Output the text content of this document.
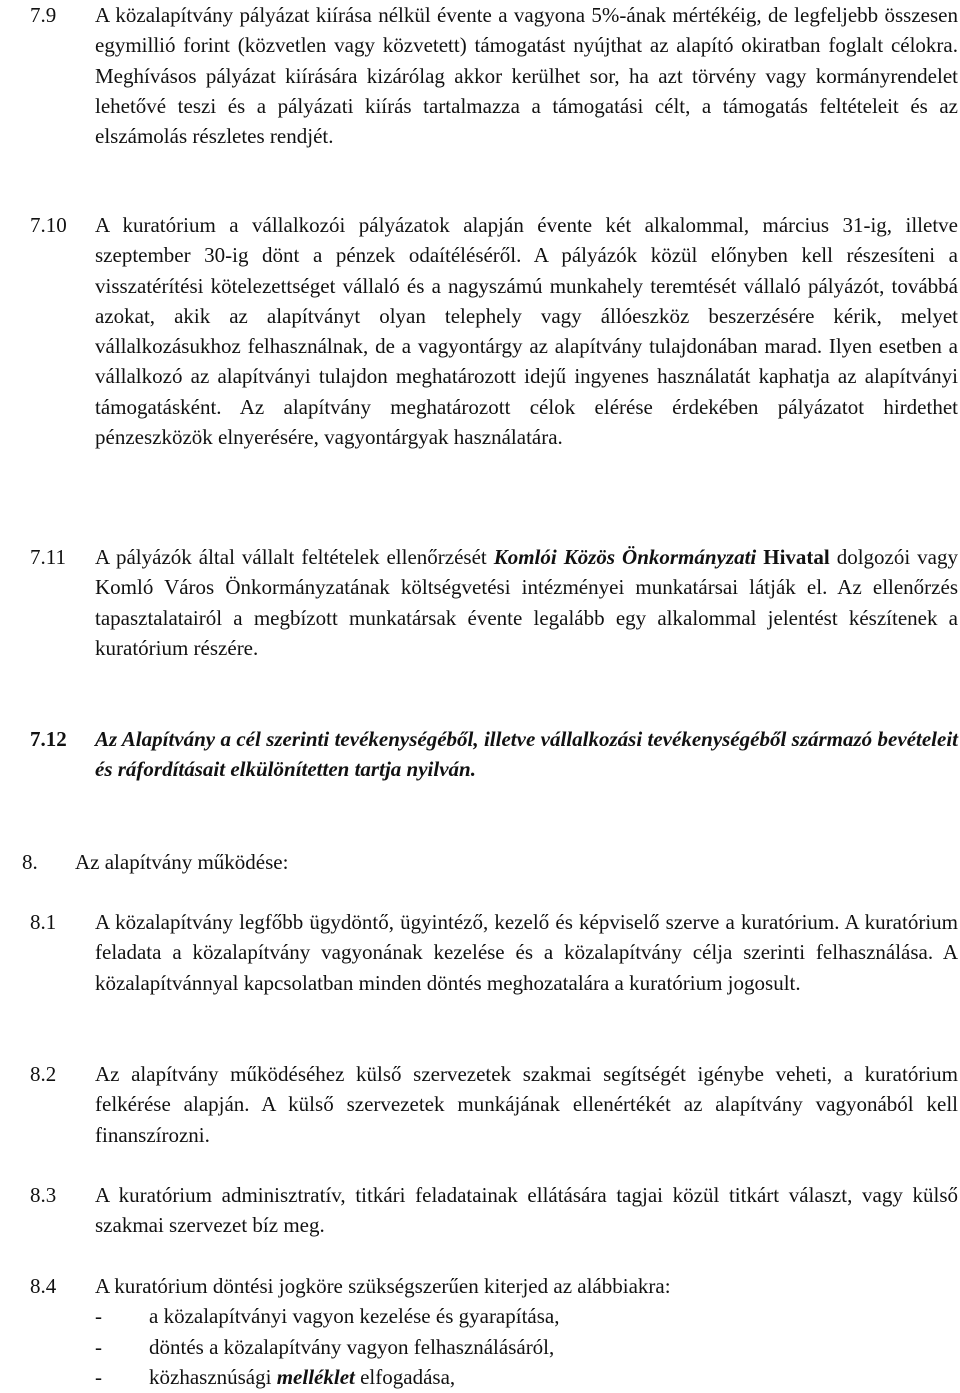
7.9	A közalapítvány pályázat kiírása nélkül évente a vagyona 5%-ának mértékéig, de legfeljebb összesen egymillió forint (közvetlen vagy közvetett) támogatást nyújthat az alapító okiratban foglalt célokra. Meghívásos pályázat kiírására kizárólag akkor kerülhet sor, ha azt törvény vagy kormányrendelet lehetővé teszi és a pályázati kiírás tartalmazza a támogatási célt, a támogatás feltételeit és az elszámolás részletes rendjét.

7.10	A kuratórium a vállalkozói pályázatok alapján évente két alkalommal, március 31-ig, illetve szeptember 30-ig dönt a pénzek odaítéléséről. A pályázók közül előnyben kell részesíteni a visszatérítési kötelezettséget vállaló és a nagyszámú munkahely teremtését vállaló pályázót, továbbá azokat, akik az alapítványt olyan telephely vagy állóeszköz beszerzésére kérik, melyet vállalkozásukhoz felhasználnak, de a vagyontárgy az alapítvány tulajdonában marad. Ilyen esetben a vállalkozó az alapítványi tulajdon meghatározott idejű ingyenes használatát kaphatja az alapítványi támogatásként. Az alapítvány meghatározott célok elérése érdekében pályázatot hirdethet pénzeszközök elnyerésére, vagyontárgyak használatára.

7.11	A pályázók által vállalt feltételek ellenőrzését Komlói Közös Önkormányzati Hivatal dolgozói vagy Komló Város Önkormányzatának költségvetési intézményei munkatársai látják el. Az ellenőrzés tapasztalatairól a megbízott munkatársak évente legalább egy alkalommal jelentést készítenek a kuratórium részére.

7.12	Az Alapítvány a cél szerinti tevékenységéből, illetve vállalkozási tevékenységéből származó bevételeit és ráfordításait elkülönítetten tartja nyilván.

8. Az alapítvány működése:
8.1	A közalapítvány legfőbb ügydöntő, ügyintéző, kezelő és képviselő szerve a kuratórium. A kuratórium feladata a közalapítvány vagyonának kezelése és a közalapítvány célja szerinti felhasználása. A közalapítvánnyal kapcsolatban minden döntés meghozatalára a kuratórium jogosult.

8.2	Az alapítvány működéséhez külső szervezetek szakmai segítségét igénybe veheti, a kuratórium felkérése alapján. A külső szervezetek munkájának ellenértékét az alapítvány vagyonából kell finanszírozni.

8.3	A kuratórium adminisztratív, titkári feladatainak ellátására tagjai közül titkárt választ, vagy külső szakmai szervezet bíz meg.

8.4	A kuratórium döntési jogköre szükségszerűen kiterjed az alábbiakra:

- a közalapítványi vagyon kezelése és gyarapítása,
- döntés a közalapítvány vagyon felhasználásáról,
- közhasznúsági melléklet elfogadása,
